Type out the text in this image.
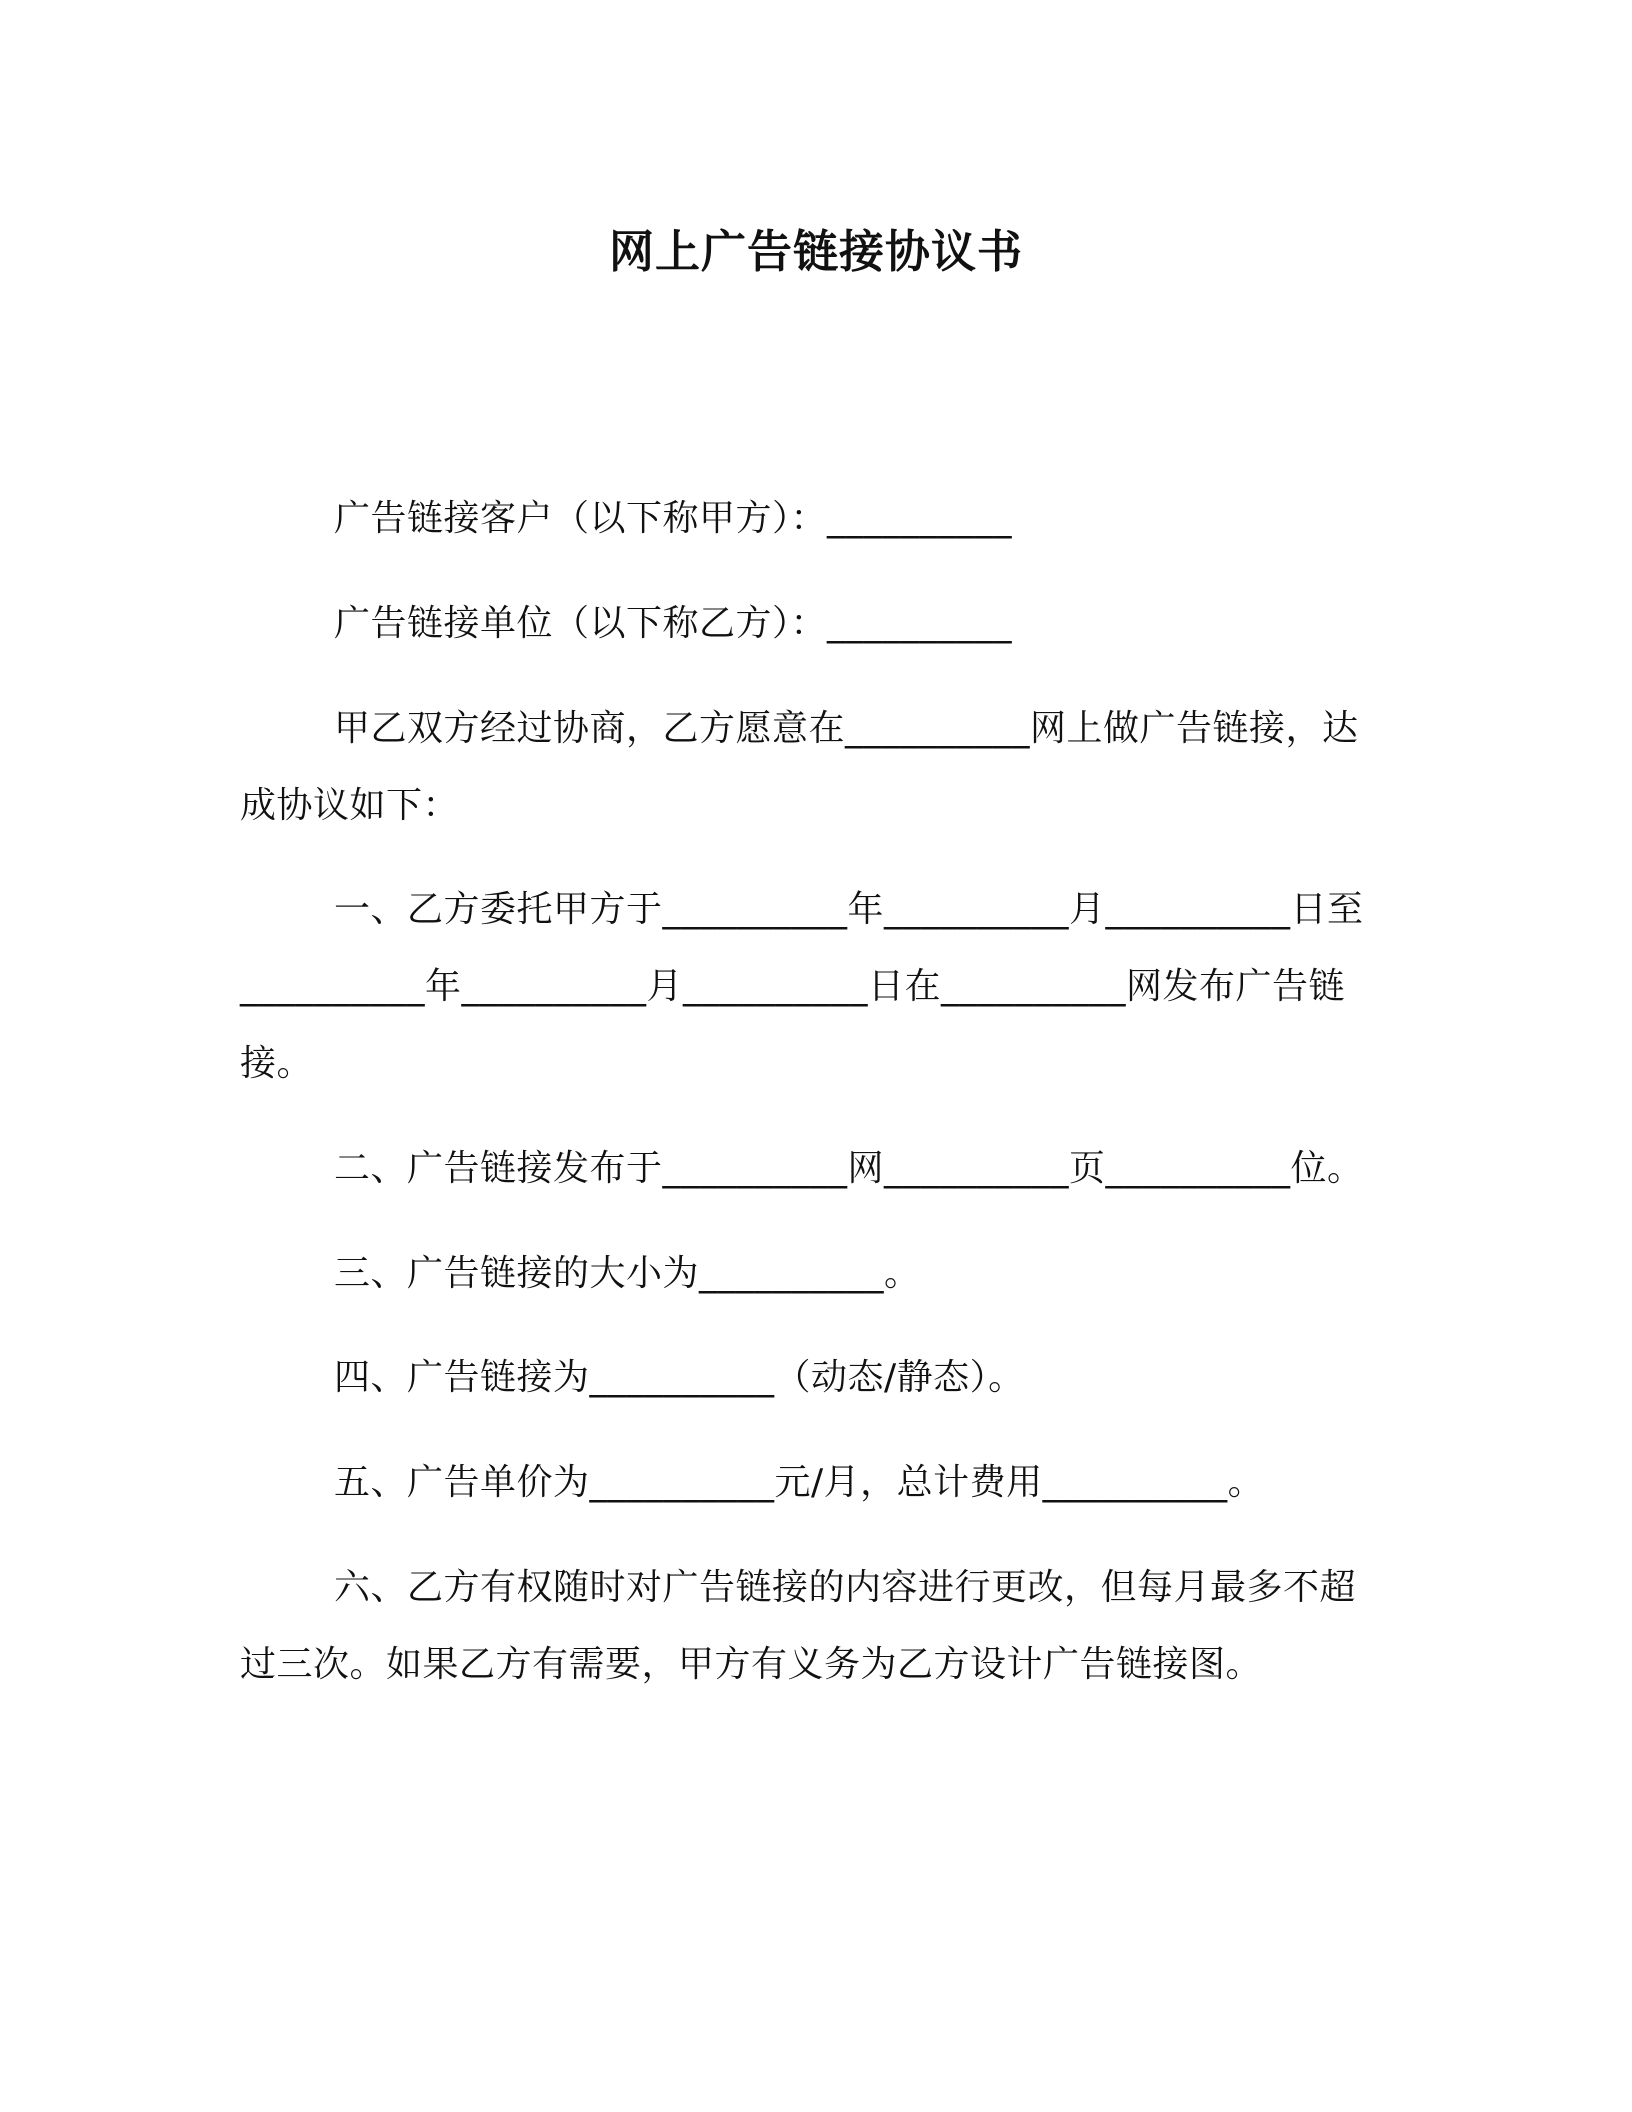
网上广告链接协议书
广告链接客户（以下称甲方）：__________
广告链接单位（以下称乙方）：__________
甲乙双方经过协商，乙方愿意在__________网上做广告链接，达
成协议如下：
一、乙方委托甲方于__________年__________月__________日至
__________年__________月__________日在__________网发布广告链
接。
二、广告链接发布于__________网__________页__________位。
三、广告链接的大小为__________。
四、广告链接为__________（动态/静态）。
五、广告单价为__________元/月，总计费用__________。
六、乙方有权随时对广告链接的内容进行更改，但每月最多不超
过三次。如果乙方有需要，甲方有义务为乙方设计广告链接图。
